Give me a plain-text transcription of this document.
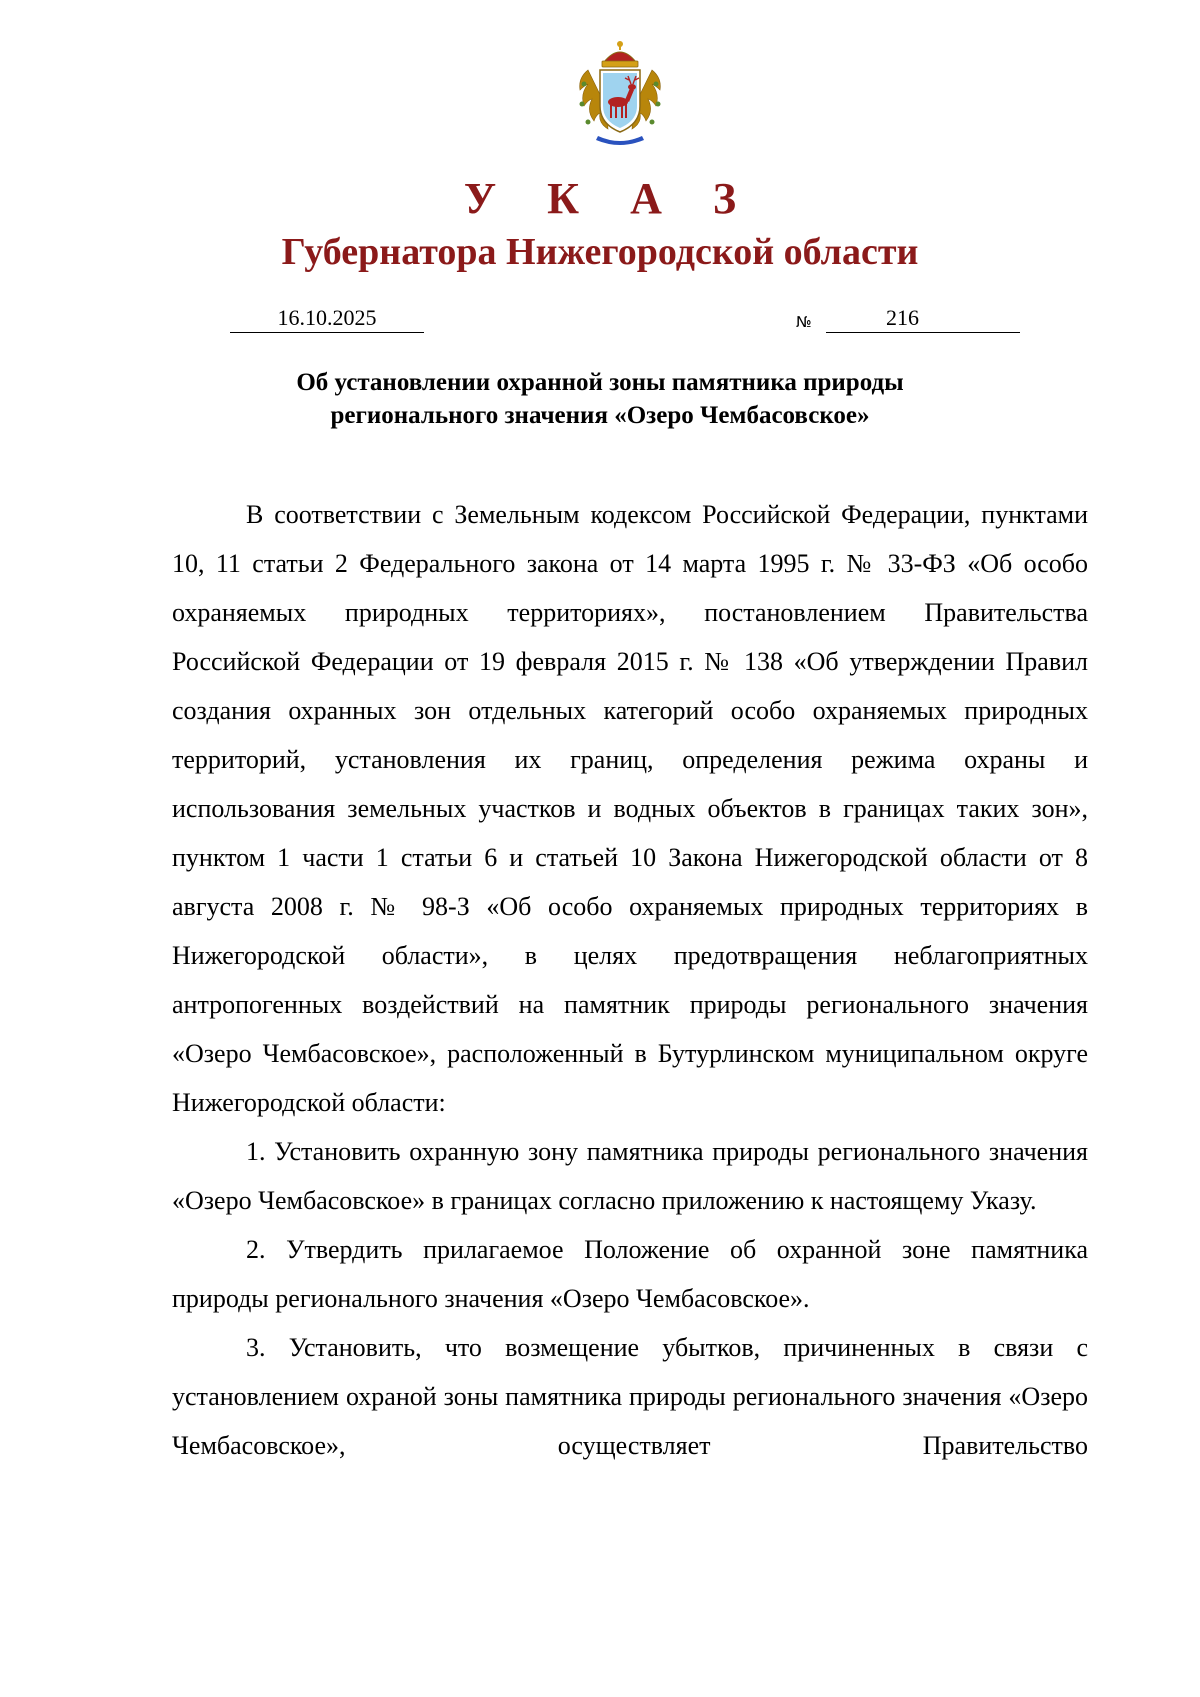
У К А З
Губернатора Нижегородской области
16.10.2025	№	216
Об установлении охранной зоны памятника природы
регионального значения «Озеро Чембасовское»

В соответствии с Земельным кодексом Российской Федерации, пунктами 10, 11 статьи 2 Федерального закона от 14 марта 1995 г. № 33-ФЗ «Об особо охраняемых природных территориях», постановлением Правительства Российской Федерации от 19 февраля 2015 г. № 138 «Об утверждении Правил создания охранных зон отдельных категорий особо охраняемых природных территорий, установления их границ, определения режима охраны и использования земельных участков и водных объектов в границах таких зон», пунктом 1 части 1 статьи 6 и статьей 10 Закона Нижегородской области от 8 августа 2008 г. № 98-З «Об особо охраняемых природных территориях в Нижегородской области», в целях предотвращения неблагоприятных антропогенных воздействий на памятник природы регионального значения «Озеро Чембасовское», расположенный в Бутурлинском муниципальном округе Нижегородской области:

1. Установить охранную зону памятника природы регионального значения «Озеро Чембасовское» в границах согласно приложению к настоящему Указу.

2. Утвердить прилагаемое Положение об охранной зоне памятника природы регионального значения «Озеро Чембасовское».

3. Установить, что возмещение убытков, причиненных в связи с установлением охраной зоны памятника природы регионального значения «Озеро Чембасовское», осуществляет Правительство
